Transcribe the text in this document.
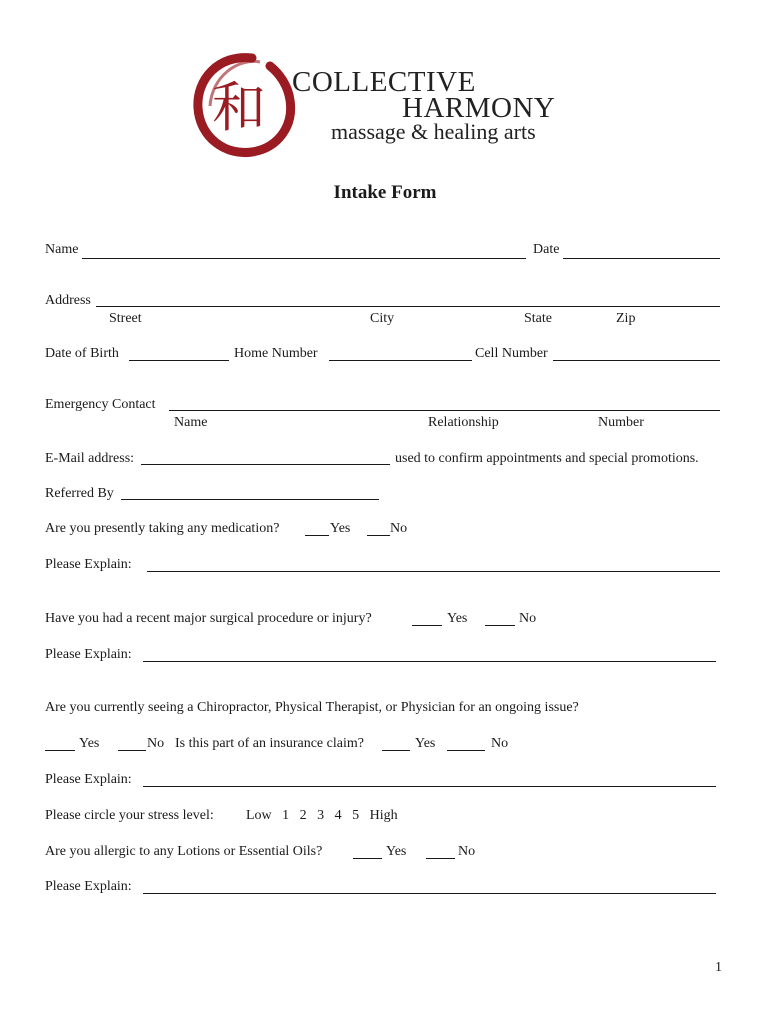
和 COLLECTIVE
HARMONY
massage & healing arts
Intake Form
Name	Date
Address
Street	City	State	Zip
Date of Birth	Home Number	Cell Number
Emergency Contact
Name	Relationship	Number
E-Mail address:	used to confirm appointments and special promotions.
Referred By
Are you presently taking any medication?	Yes	No
Please Explain:
Have you had a recent major surgical procedure or injury?	Yes	No
Please Explain:
Are you currently seeing a Chiropractor, Physical Therapist, or Physician for an ongoing issue?
Yes	No Is this part of an insurance claim?	Yes	No
Please Explain:
Please circle your stress level: Low   1   2   3   4   5   High
Are you allergic to any Lotions or Essential Oils?	Yes	No
Please Explain:
1
